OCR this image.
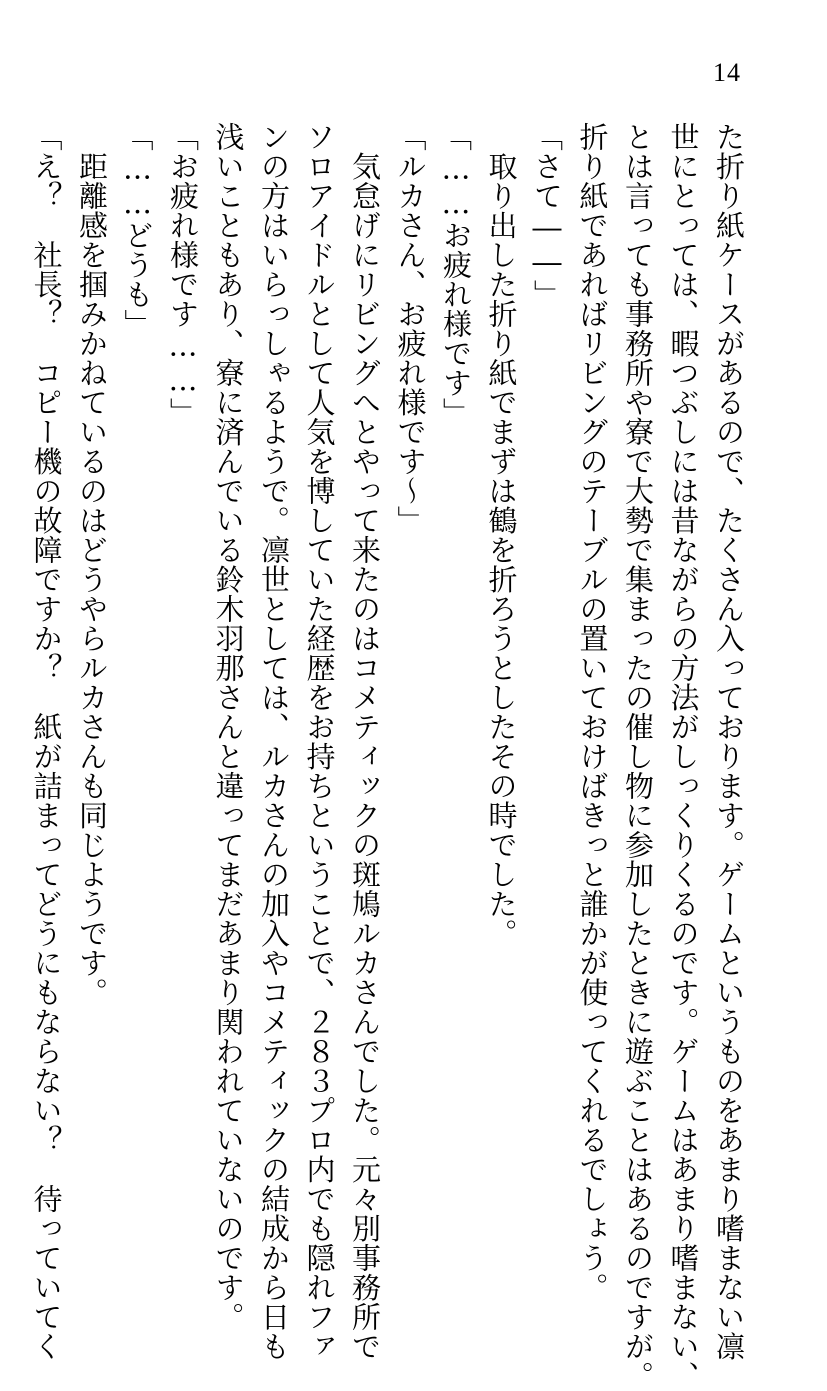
14
た折り紙ケースがあるので、たくさん入っております。ゲームというものをあまり嗜まない凛
世にとっては、暇つぶしには昔ながらの方法がしっくりくるのです。ゲームはあまり嗜まない、
とは言っても事務所や寮で大勢で集まったの催し物に参加したときに遊ぶことはあるのですが。
折り紙であればリビングのテーブルの置いておけばきっと誰かが使ってくれるでしょう。
「さて――」
　取り出した折り紙でまずは鶴を折ろうとしたその時でした。
「……お疲れ様です」
「ルカさん、お疲れ様です～」
　気怠げにリビングへとやって来たのはコメティックの斑鳩ルカさんでした。元々別事務所で
ソロアイドルとして人気を博していた経歴をお持ちということで、２８３プロ内でも隠れファ
ンの方はいらっしゃるようで。凛世としては、ルカさんの加入やコメティックの結成から日も
浅いこともあり、寮に済んでいる鈴木羽那さんと違ってまだあまり関われていないのです。
「お疲れ様です……」
「……どうも」
　距離感を掴みかねているのはどうやらルカさんも同じようです。
「え？　社長？　コピー機の故障ですか？　紙が詰まってどうにもならない？　待っていてく
